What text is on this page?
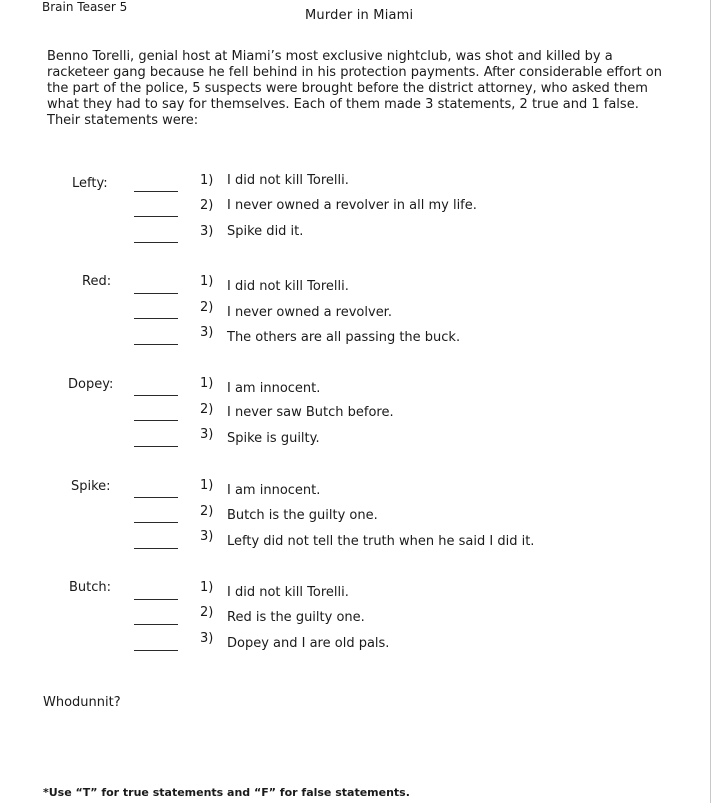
Brain Teaser 5
Murder in Miami

Benno Torelli, genial host at Miami’s most exclusive nightclub, was shot and killed by a racketeer gang because he fell behind in his protection payments. After considerable effort on the part of the police, 5 suspects were brought before the district attorney, who asked them what they had to say for themselves. Each of them made 3 statements, 2 true and 1 false. Their statements were:

Lefty:	1) I did not kill Torelli.
2) I never owned a revolver in all my life.
3) Spike did it.
Red:	1) I did not kill Torelli.
2) I never owned a revolver.
3) The others are all passing the buck.
Dopey:	1) I am innocent.
2) I never saw Butch before.
3) Spike is guilty.
Spike:	1) I am innocent.
2) Butch is the guilty one.
3) Lefty did not tell the truth when he said I did it.
Butch:	1) I did not kill Torelli.
2) Red is the guilty one.
3) Dopey and I are old pals.
Whodunnit?
*Use “T” for true statements and “F” for false statements.
